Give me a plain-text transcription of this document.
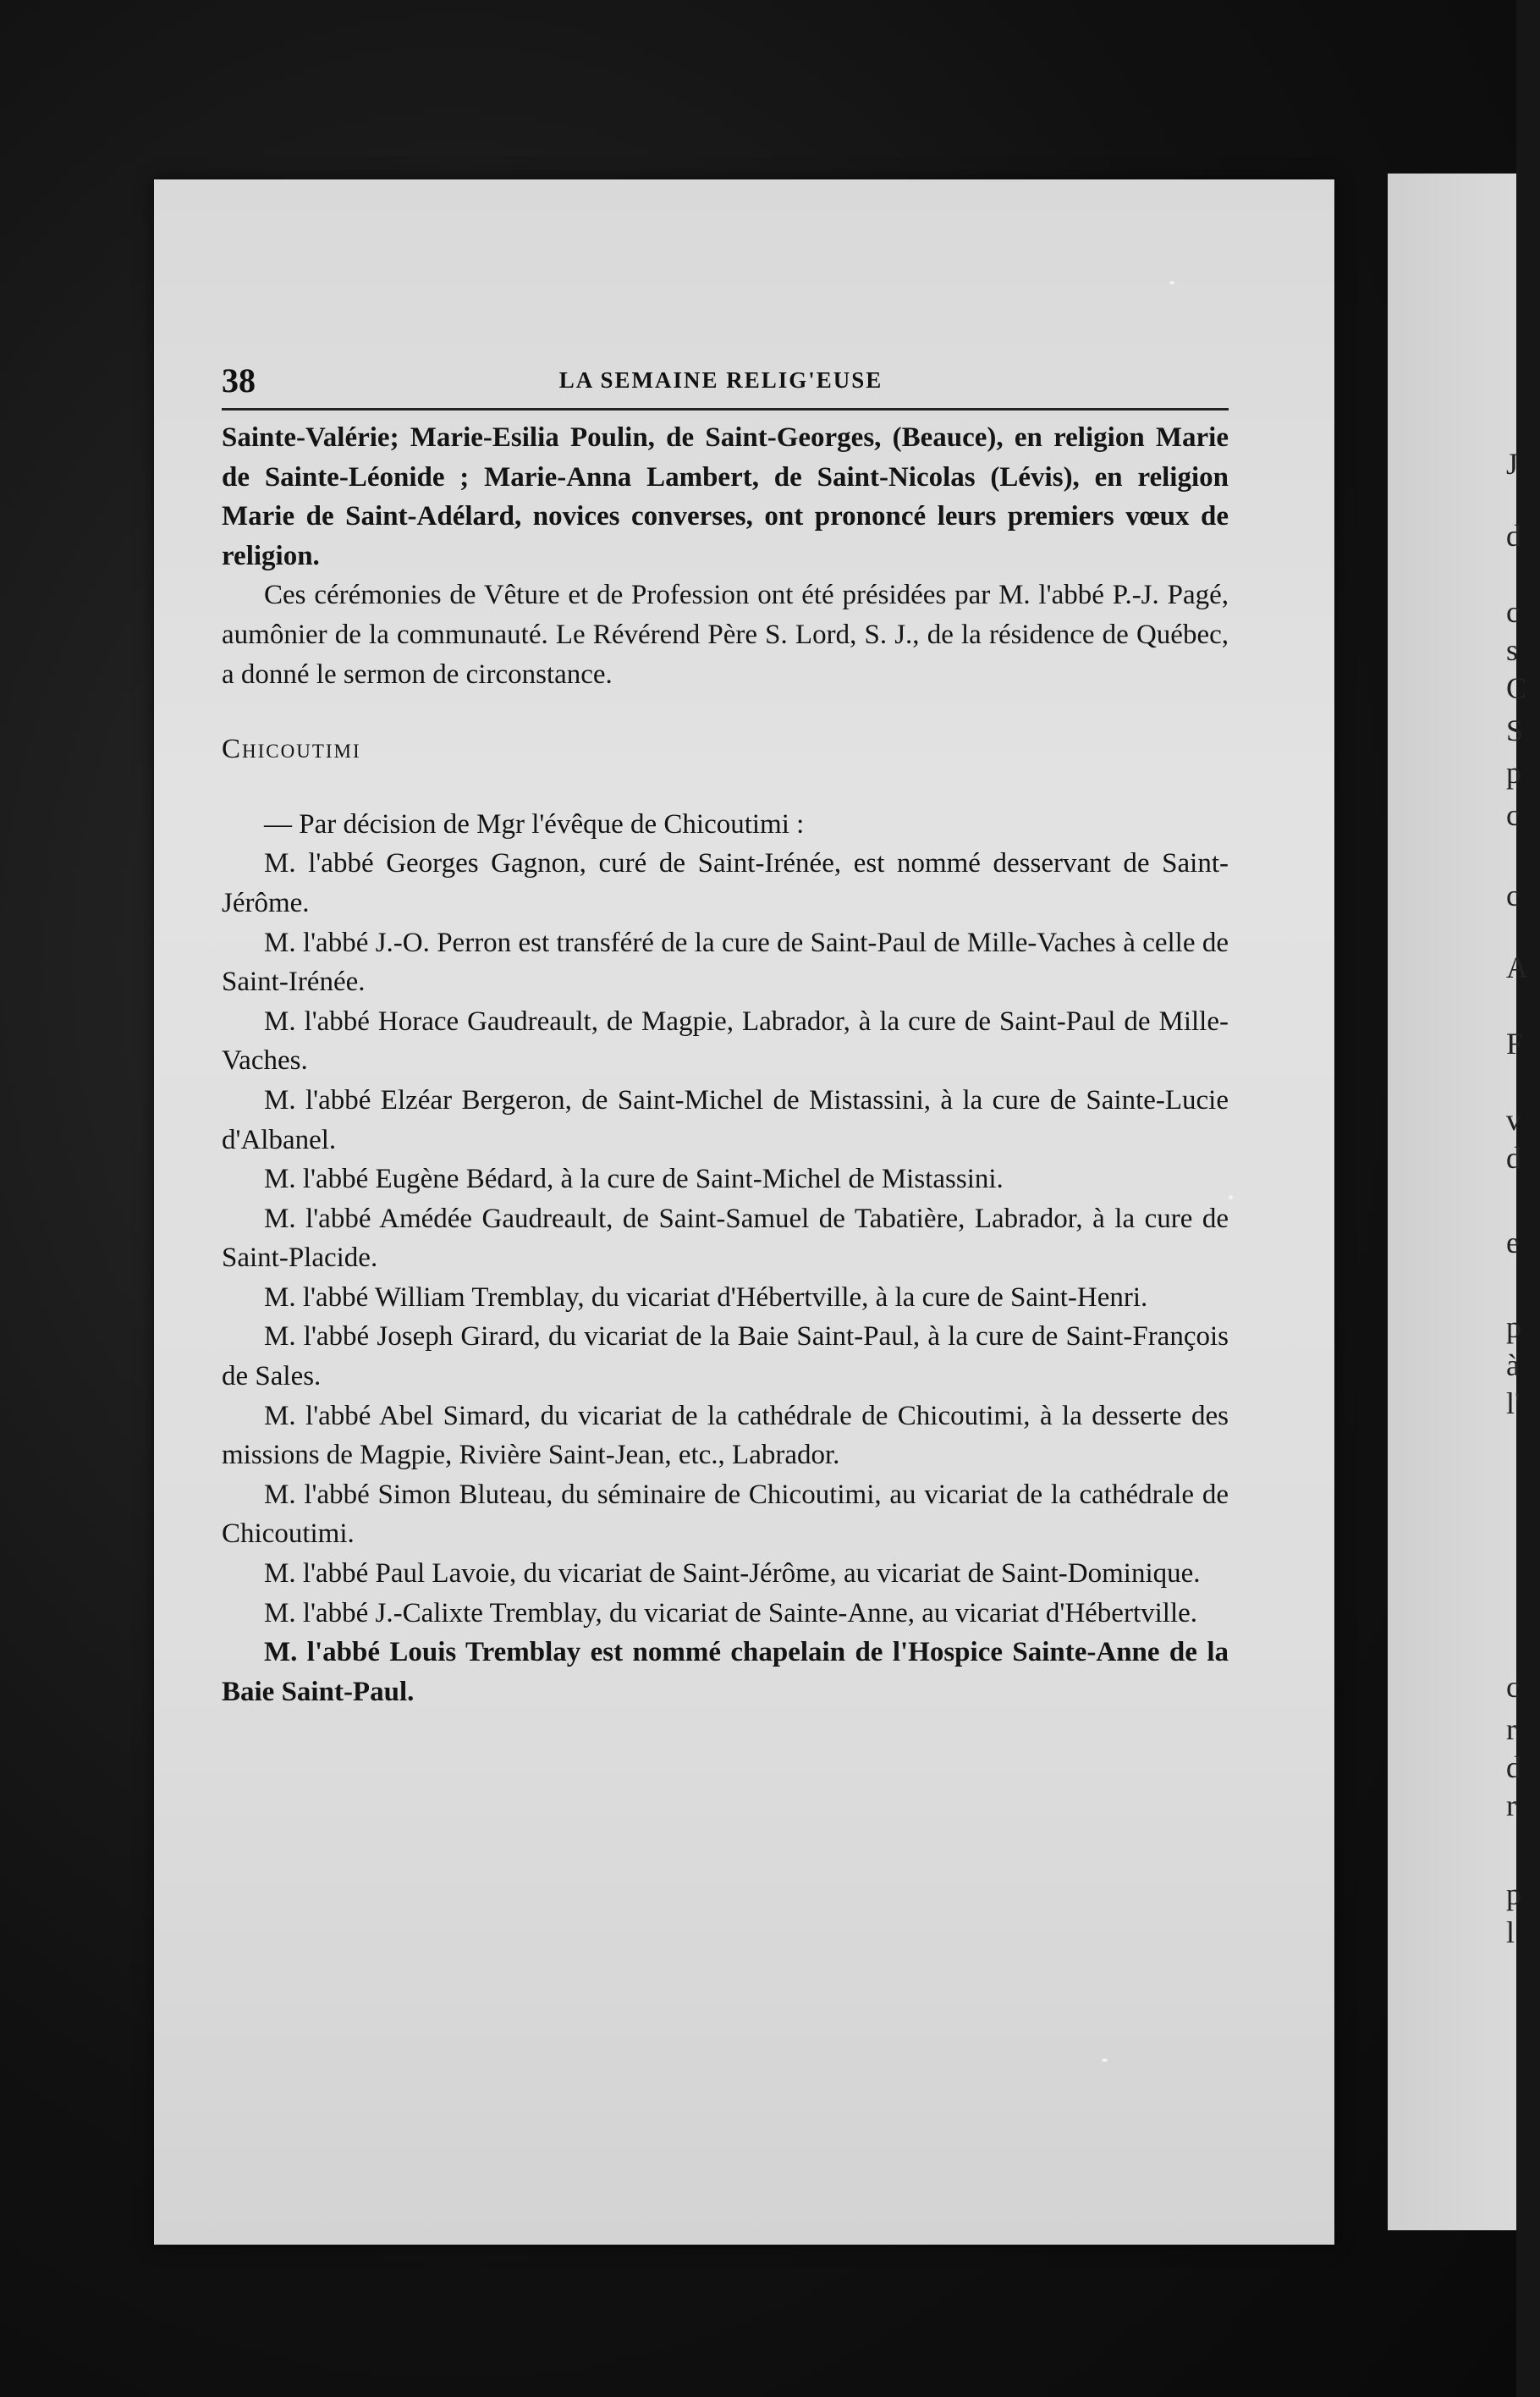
J
d
c
s
C
S
p
c
c
A
F
v
d
e
p
à
l'
c
r
d
r
p
l
38	LA SEMAINE RELIG'EUSE

Sainte-Valérie; Marie-Esilia Poulin, de Saint-Georges, (Beauce), en religion Marie de Sainte-Léonide ; Marie-Anna Lambert, de Saint-Nicolas (Lévis), en religion Marie de Saint-Adélard, novices converses, ont prononcé leurs premiers vœux de religion.

Ces cérémonies de Vêture et de Profession ont été présidées par M. l'abbé P.-J. Pagé, aumônier de la communauté. Le Révérend Père S. Lord, S. J., de la résidence de Québec, a donné le sermon de circonstance.

Chicoutimi

— Par décision de Mgr l'évêque de Chicoutimi :

M. l'abbé Georges Gagnon, curé de Saint-Irénée, est nommé desservant de Saint-Jérôme.

M. l'abbé J.-O. Perron est transféré de la cure de Saint-Paul de Mille-Vaches à celle de Saint-Irénée.

M. l'abbé Horace Gaudreault, de Magpie, Labrador, à la cure de Saint-Paul de Mille-Vaches.

M. l'abbé Elzéar Bergeron, de Saint-Michel de Mistassini, à la cure de Sainte-Lucie d'Albanel.

M. l'abbé Eugène Bédard, à la cure de Saint-Michel de Mistassini.

M. l'abbé Amédée Gaudreault, de Saint-Samuel de Tabatière, Labrador, à la cure de Saint-Placide.

M. l'abbé William Tremblay, du vicariat d'Hébertville, à la cure de Saint-Henri.

M. l'abbé Joseph Girard, du vicariat de la Baie Saint-Paul, à la cure de Saint-François de Sales.

M. l'abbé Abel Simard, du vicariat de la cathédrale de Chicoutimi, à la desserte des missions de Magpie, Rivière Saint-Jean, etc., Labrador.

M. l'abbé Simon Bluteau, du séminaire de Chicoutimi, au vicariat de la cathédrale de Chicoutimi.

M. l'abbé Paul Lavoie, du vicariat de Saint-Jérôme, au vicariat de Saint-Dominique.

M. l'abbé J.-Calixte Tremblay, du vicariat de Sainte-Anne, au vicariat d'Hébertville.

M. l'abbé Louis Tremblay est nommé chapelain de l'Hospice Sainte-Anne de la Baie Saint-Paul.
